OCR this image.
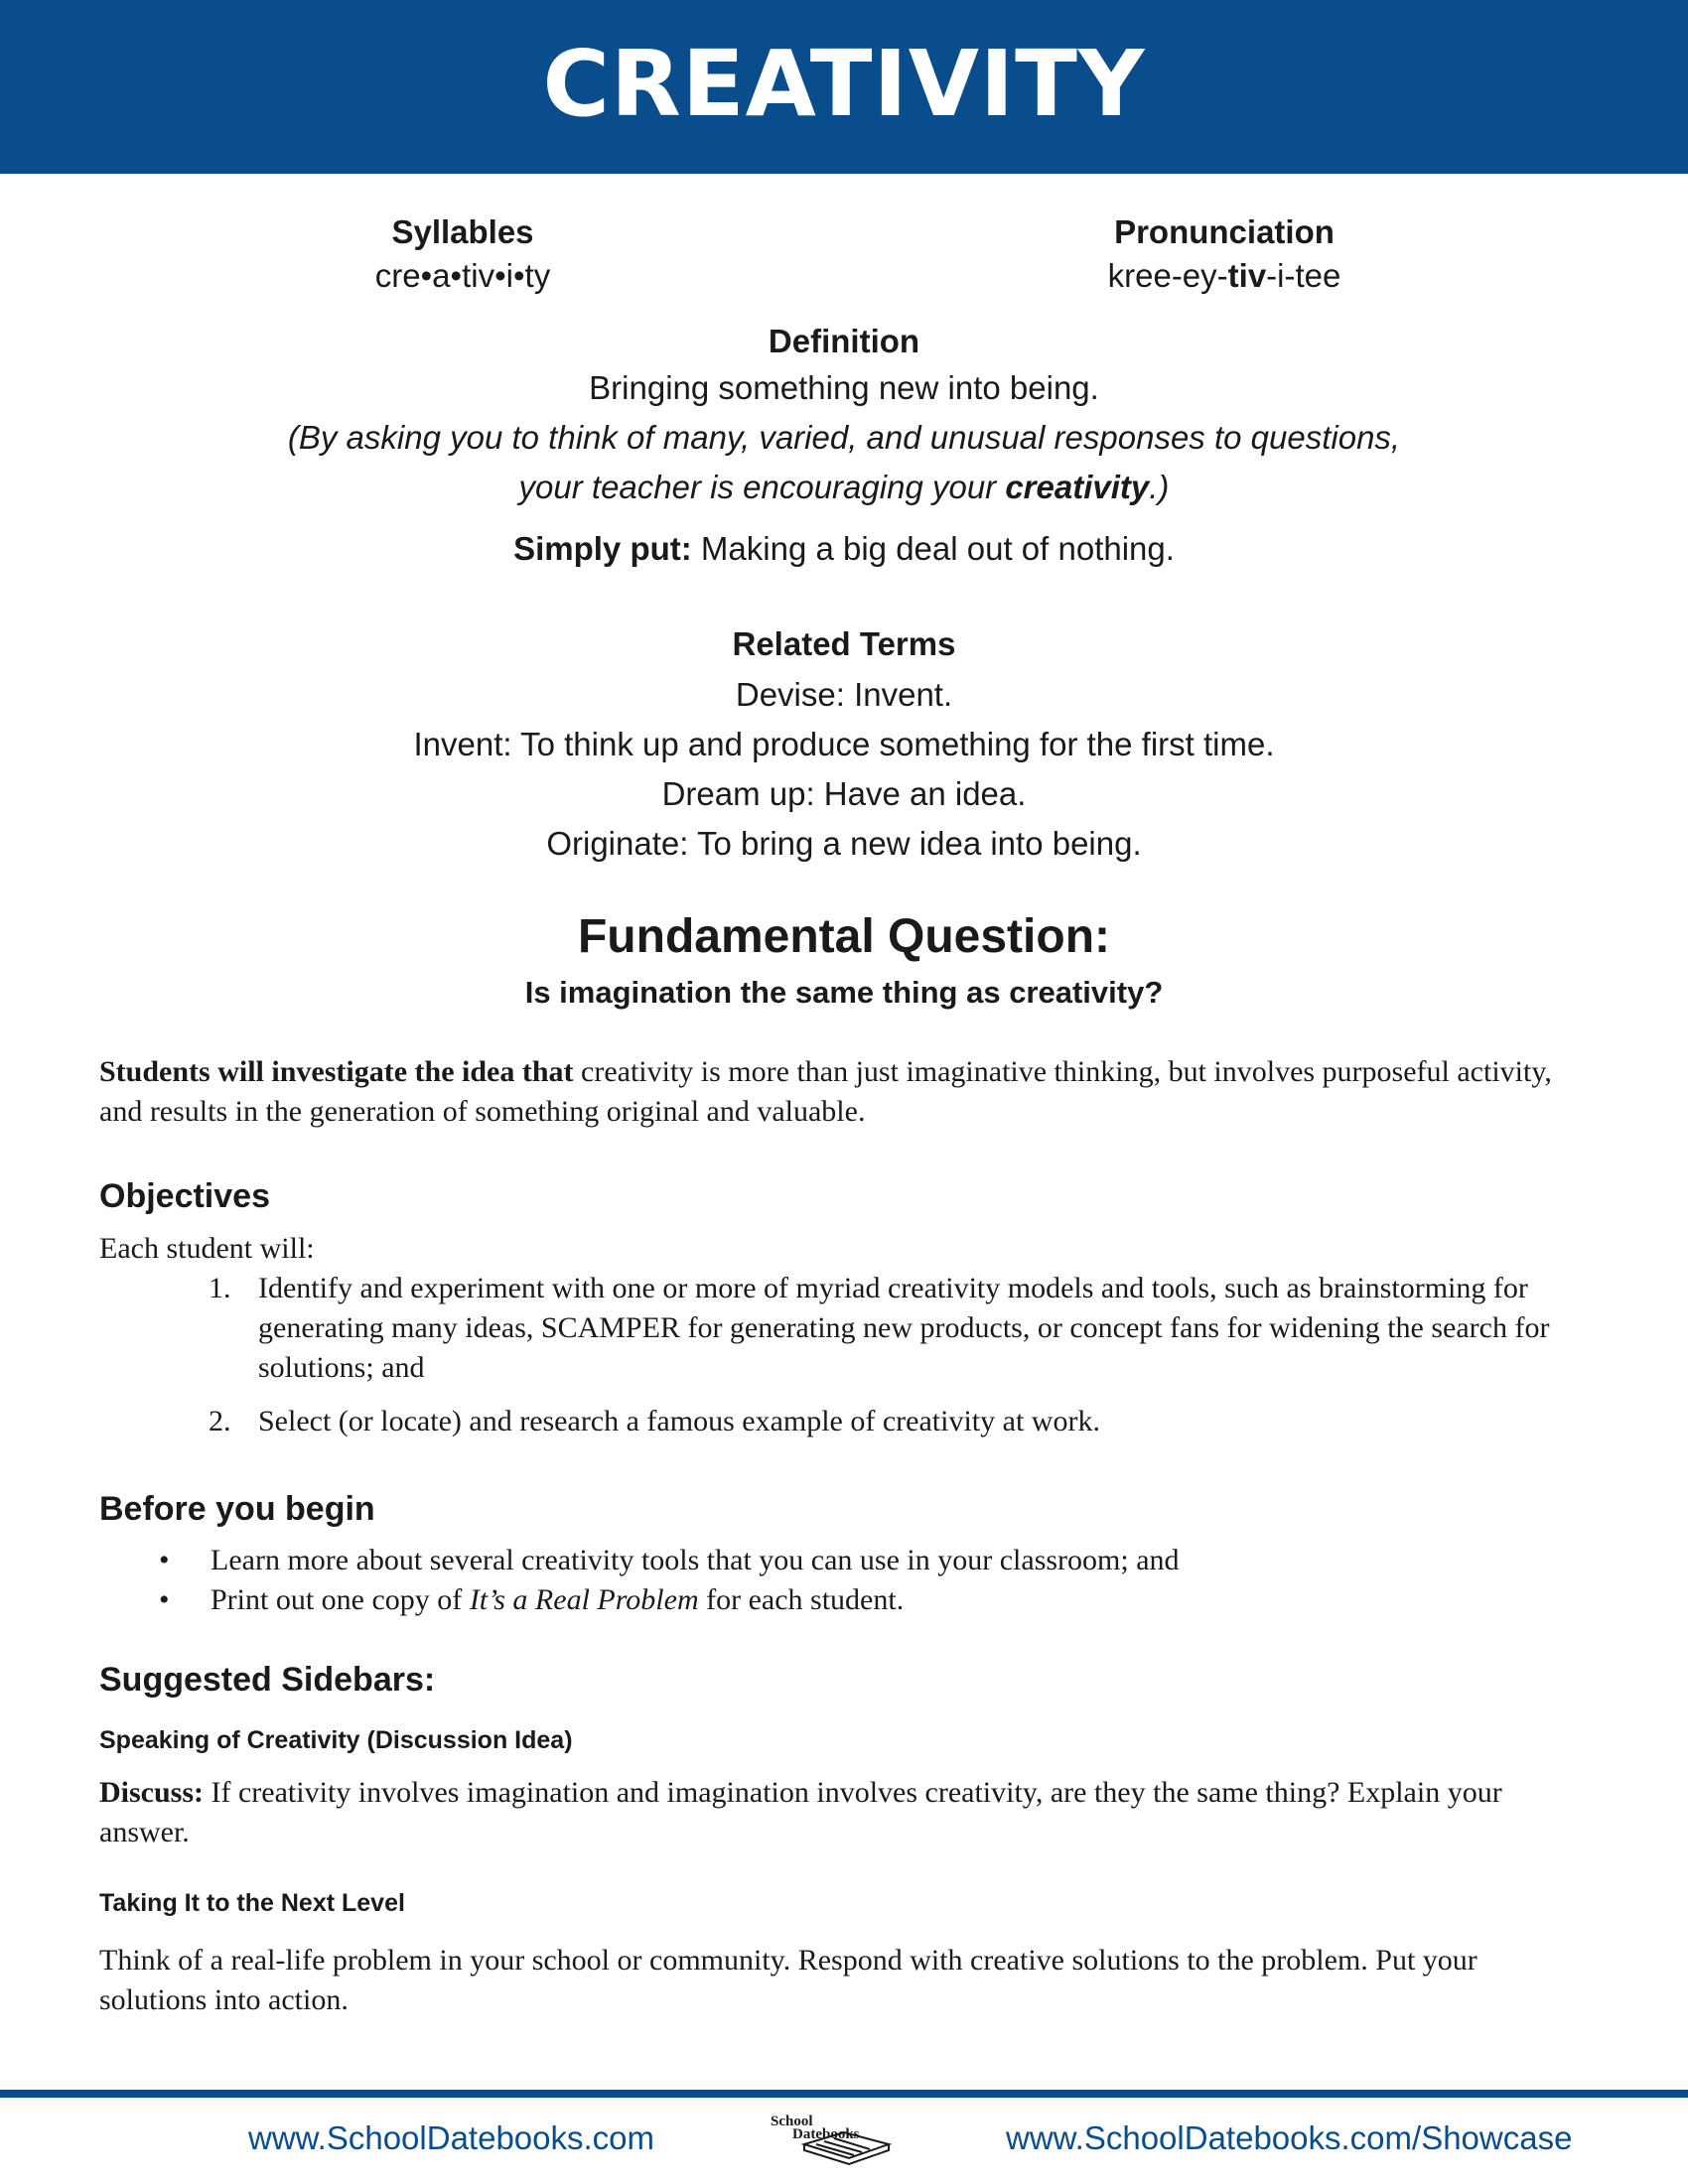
CREATIVITY
Syllables
cre•a•tiv•i•ty
Pronunciation
kree-ey-tiv-i-tee
Definition
Bringing something new into being.
(By asking you to think of many, varied, and unusual responses to questions,
your teacher is encouraging your creativity.)
Simply put: Making a big deal out of nothing.
Related Terms
Devise: Invent.
Invent: To think up and produce something for the first time.
Dream up: Have an idea.
Originate: To bring a new idea into being.
Fundamental Question:
Is imagination the same thing as creativity?
Students will investigate the idea that creativity is more than just imaginative thinking, but involves purposeful activity, and results in the generation of something original and valuable.
Objectives
Each student will:
1. Identify and experiment with one or more of myriad creativity models and tools, such as brainstorming for generating many ideas, SCAMPER for generating new products, or concept fans for widening the search for solutions; and
2. Select (or locate) and research a famous example of creativity at work.
Before you begin
•	Learn more about several creativity tools that you can use in your classroom; and
•	Print out one copy of It’s a Real Problem for each student.
Suggested Sidebars:
Speaking of Creativity (Discussion Idea)
Discuss: If creativity involves imagination and imagination involves creativity, are they the same thing? Explain your answer.
Taking It to the Next Level
Think of a real-life problem in your school or community. Respond with creative solutions to the problem. Put your solutions into action.
www.SchoolDatebooks.com	School
Datebooks	www.SchoolDatebooks.com/Showcase
